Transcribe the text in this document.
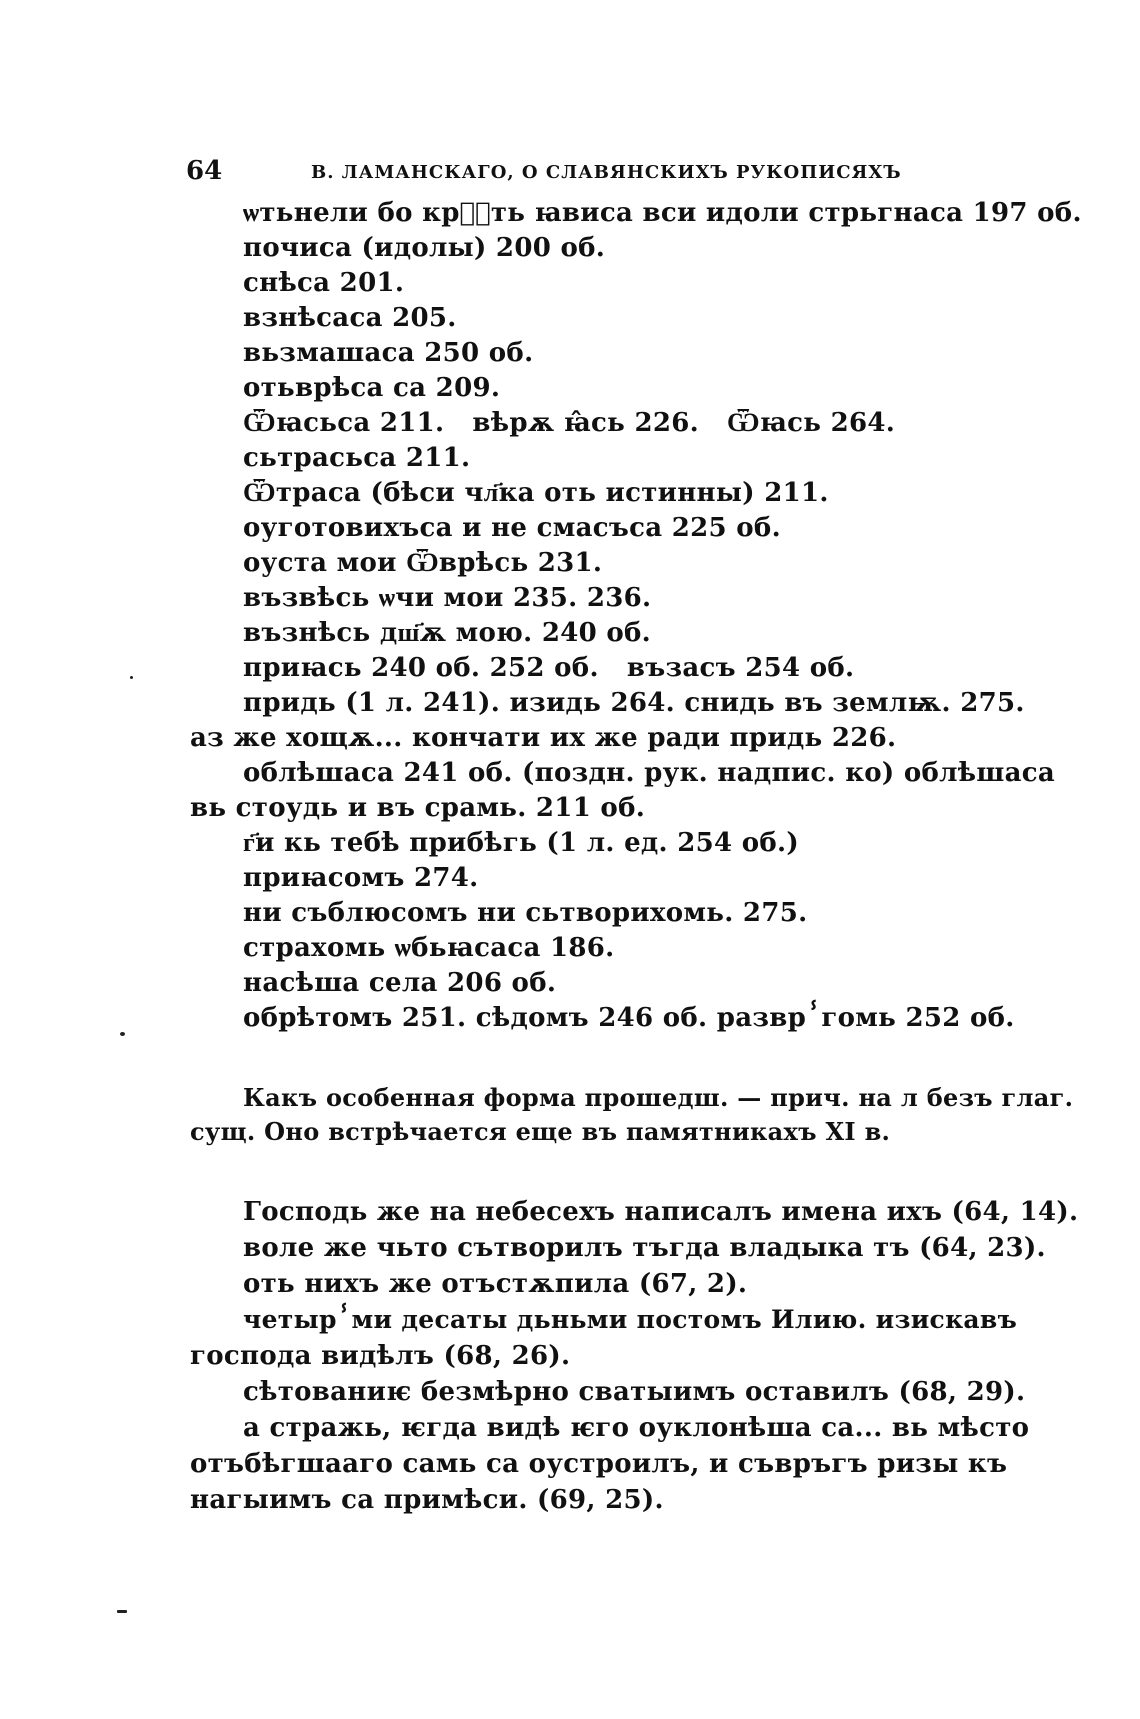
64	В. ЛАМАНСКАГО, О СЛАВЯНСКИХЪ РУКОПИСЯХЪ
ѡтьнели бо крⷭ҇ть ꙗвиса вси идоли стрьгнаса 197 об.
почиса (идолы) 200 об.
снѣса 201.
взнѣсаса 205.
вьзмашаса 250 об.
отьврѣса са 209.
Ѿꙗсьса 211.   вѣрѫ ꙗ̂сь 226.   Ѿꙗсь 264.
сьтрасьса 211.
Ѿтраса (бѣси чл҃ка оть истинны) 211.
оуготовихъса и не смасъса 225 об.
оуста мои Ѿврѣсь 231.
възвѣсь ѡчи мои 235. 236.
възнѣсь дш҃ѫ мою. 240 об.
приꙗсь 240 об. 252 об.   възасъ 254 об.
придь (1 л. 241). изидь 264. снидь въ землѭ. 275.
аз же хощѫ... кончати их же ради придь 226.
облѣшаса 241 об. (поздн. рук. надпис. ко) облѣшаса
вь стоудь и въ срамь. 211 об.
г҃и кь тебѣ прибѣгь (1 л. ед. 254 об.)
приꙗсомъ 274.
ни съблюсомъ ни сьтворихомь. 275.
страхомь ѡбьꙗсаса 186.
насѣша села 206 об.
обрѣтомъ 251. сѣдомъ 246 об. разврⸯгомь 252 об.
Какъ особенная форма прошедш. — прич. на л безъ глаг.
сущ. Оно встрѣчается еще въ памятникахъ XI в.
Господь же на небесехъ написалъ имена ихъ (64, 14).
воле же чьто сътворилъ тъгда владыка тъ (64, 23).
оть нихъ же отъстѫпила (67, 2).
четырⸯми десаты дьньми постомъ Илию. изискавъ
господа видѣлъ (68, 26).
сѣтованиѥ безмѣрно сватыимъ оставилъ (68, 29).
а стражь, ѥгда видѣ ѥго оуклонѣша са... вь мѣсто
отъбѣгшааго самь са оустроилъ, и съвръгъ ризы къ
нагыимъ са примѣси. (69, 25).
